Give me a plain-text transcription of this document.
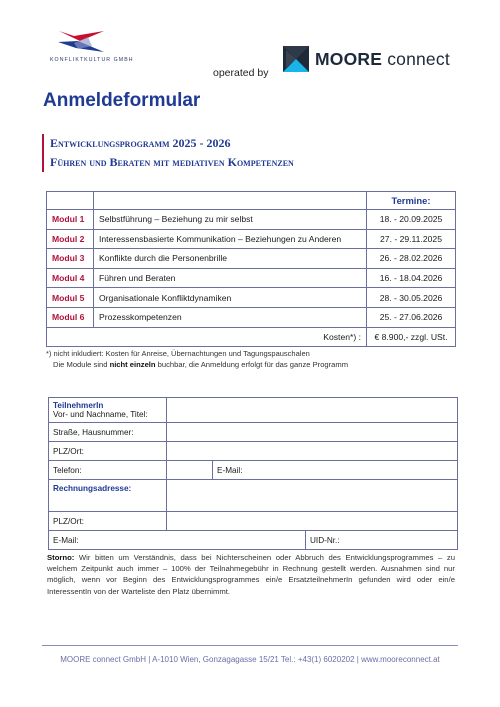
KONFLIKTKULTUR GMBH
operated by
MOORE connect
Anmeldeformular
Entwicklungsprogramm 2025 - 2026
Führen und Beraten mit mediativen Kompetenzen
		Termine:
Modul 1	Selbstführung – Beziehung zu mir selbst	18. - 20.09.2025
Modul 2	Interessensbasierte Kommunikation – Beziehungen zu Anderen	27. - 29.11.2025
Modul 3	Konflikte durch die Personenbrille	26. - 28.02.2026
Modul 4	Führen und Beraten	16. - 18.04.2026
Modul 5	Organisationale Konfliktdynamiken	28. - 30.05.2026
Modul 6	Prozesskompetenzen	25. - 27.06.2026
Kosten*) :		€ 8.900,- zzgl. USt.
*) nicht inkludiert: Kosten für Anreise, Übernachtungen und Tagungspauschalen
Die Module sind nicht einzeln buchbar, die Anmeldung erfolgt für das ganze Programm
TeilnehmerIn
Vor- und Nachname, Titel:			

Straße, Hausnummer:			
PLZ/Ort:			
Telefon:		E-Mail:	
Rechnungsadresse:			
PLZ/Ort:			
E-Mail:			UID-Nr.:

Storno: Wir bitten um Verständnis, dass bei Nichterscheinen oder Abbruch des Entwicklungsprogrammes – zu welchem Zeitpunkt auch immer – 100% der Teilnahmegebühr in Rechnung gestellt werden. Ausnahmen sind nur möglich, wenn vor Beginn des Entwicklungsprogrammes ein/e ErsatzteilnehmerIn gefunden wird oder ein/e InteressentIn von der Warteliste den Platz übernimmt.

MOORE connect GmbH | A-1010 Wien, Gonzagagasse 15/21 Tel.: +43(1) 6020202 | www.mooreconnect.at
